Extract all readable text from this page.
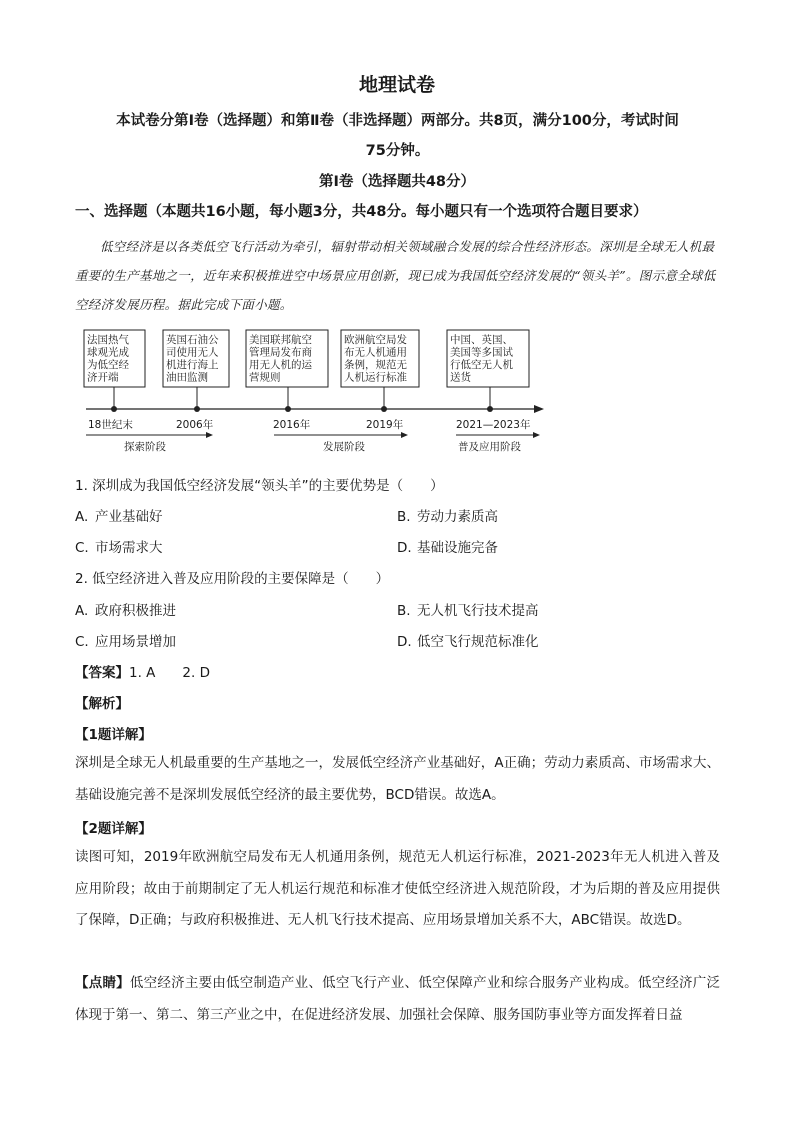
地理试卷
本试卷分第Ⅰ卷（选择题）和第Ⅱ卷（非选择题）两部分。共8页，满分100分，考试时间
75分钟。
第Ⅰ卷（选择题共48分）
一、选择题（本题共16小题，每小题3分，共48分。每小题只有一个选项符合题目要求）
低空经济是以各类低空飞行活动为牵引，辐射带动相关领域融合发展的综合性经济形态。深圳是全球无人机最重要的生产基地之一，近年来积极推进空中场景应用创新，现已成为我国低空经济发展的“领头羊”。图示意全球低空经济发展历程。据此完成下面小题。
法国热气
球观光成
为低空经
济开端
英国石油公
司使用无人
机进行海上
油田监测
美国联邦航空
管理局发布商
用无人机的运
营规则
欧洲航空局发
布无人机通用
条例，规范无
人机运行标准
中国、英国、
美国等多国试
行低空无人机
送货
18世纪末	2006年	2016年	2019年	2021—2023年
探索阶段	发展阶段	普及应用阶段
1. 深圳成为我国低空经济发展“领头羊”的主要优势是（　　）
A. 产业基础好	B. 劳动力素质高
C. 市场需求大	D. 基础设施完备
2. 低空经济进入普及应用阶段的主要保障是（　　）
A. 政府积极推进	B. 无人机飞行技术提高
C. 应用场景增加	D. 低空飞行规范标准化
【答案】1. A　　2. D
【解析】
【1题详解】
深圳是全球无人机最重要的生产基地之一，发展低空经济产业基础好，A正确；劳动力素质高、市场需求大、基础设施完善不是深圳发展低空经济的最主要优势，BCD错误。故选A。
【2题详解】
读图可知，2019年欧洲航空局发布无人机通用条例，规范无人机运行标准，2021-2023年无人机进入普及应用阶段；故由于前期制定了无人机运行规范和标准才使低空经济进入规范阶段，才为后期的普及应用提供了保障，D正确；与政府积极推进、无人机飞行技术提高、应用场景增加关系不大，ABC错误。故选D。
【点睛】低空经济主要由低空制造产业、低空飞行产业、低空保障产业和综合服务产业构成。低空经济广泛体现于第一、第二、第三产业之中，在促进经济发展、加强社会保障、服务国防事业等方面发挥着日益
